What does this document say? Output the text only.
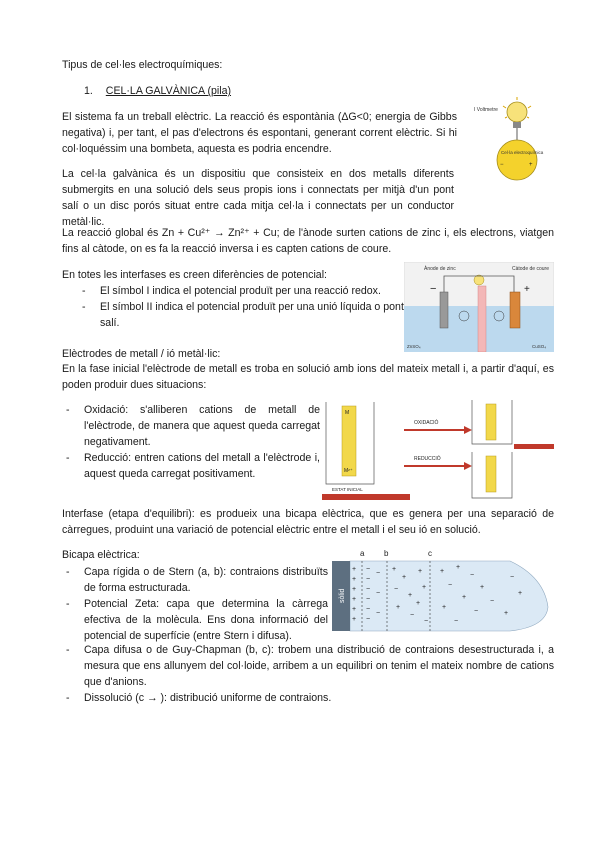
Tipus de cel·les electroquímiques:
1. CEL·LA GALVÀNICA (pila)
El sistema fa un treball elèctric. La reacció és espontània (ΔG<0; energia de Gibbs negativa) i, per tant, el pas d'electrons és espontani, generant corrent elèctric. Si hi col·loquéssim una bombeta, aquesta es podria encendre.
I Voltmetre
Cel·la electroquímica
−	+
La cel·la galvànica és un dispositiu que consisteix en dos metalls diferents submergits en una solució dels seus propis ions i connectats per mitjà d'un pont salí o un disc porós situat entre cada mitja cel·la i connectats per un conductor metàl·lic.
La reacció global és Zn + Cu²⁺ → Zn²⁺ + Cu; de l'ànode surten cations de zinc i, els electrons, viatgen fins al càtode, on es fa la reacció inversa i es capten cations de coure.
En totes les interfases es creen diferències de potencial:
- El símbol I indica el potencial produït per una reacció redox.
- El símbol II indica el potencial produït per una unió líquida o pont salí.
Ànode de zinc	Càtode de coure
−	+
ZnSO₄	CuSO₄
Elèctrodes de metall / ió metàl·lic:
En la fase inicial l'elèctrode de metall es troba en solució amb ions del mateix metall i, a partir d'aquí, es poden produir dues situacions:
- Oxidació: s'alliberen cations de metall de l'elèctrode, de manera que aquest queda carregat negativament.
- Reducció: entren cations del metall a l'elèctrode i, aquest queda carregat positivament.
M
Mᶻ⁺
ESTAT INICIAL
OXIDACIÓ
REDUCCIÓ
Interfase (etapa d'equilibri): es produeix una bicapa elèctrica, que es genera per una separació de càrregues, produint una variació de potencial elèctric entre el metall i el seu ió en solució.
Bicapa elèctrica:
- Capa rígida o de Stern (a, b): contraions distribuïts de forma estructurada.
- Potencial Zeta: capa que determina la càrrega efectiva de la molècula. Ens dona informació del potencial de superfície (entre Stern i difusa).
- Capa difusa o de Guy-Chapman (b, c): trobem una distribució de contraions desestructurada i, a mesura que ens allunyem del col·loide, arribem a un equilibri on tenim el mateix nombre de cations que d'anions.
- Dissolució (c → ): distribució uniforme de contraions.
a b	c
sòlid
+
+
+
+
+
+
−
−
−
−
−
−
−
−
−
+
+
−
+
+
−
+
+
+
−
+
+
−
−	+
+
−
+
−	+
−
+
−
